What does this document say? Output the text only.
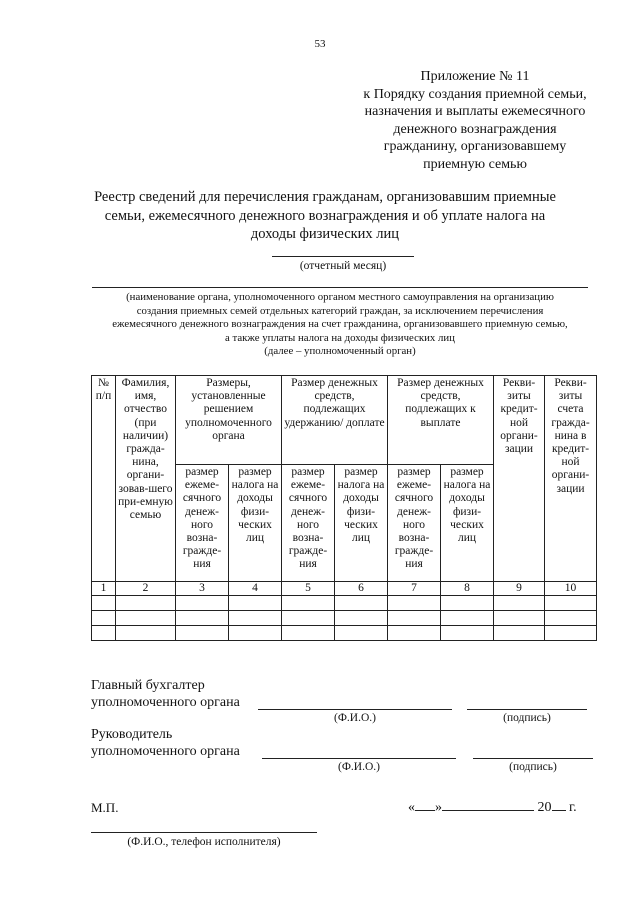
53
Приложение № 11
к Порядку создания приемной семьи,
назначения и выплаты ежемесячного
денежного вознаграждения
гражданину, организовавшему
приемную семью
Реестр сведений для перечисления гражданам, организовавшим приемные
семьи, ежемесячного денежного вознаграждения и об уплате налога на
доходы физических лиц
(отчетный месяц)
(наименование органа, уполномоченного органом местного самоуправления на организацию
создания приемных семей отдельных категорий граждан, за исключением перечисления
ежемесячного денежного вознаграждения на счет гражданина, организовавшего приемную семью,
а также уплаты налога на доходы физических лиц
(далее – уполномоченный орган)
№ п/п	Фамилия, имя, отчество (при наличии) гражда-нина, органи-зовав-шего при-емную семью	Размеры, установленные решением уполномоченного органа		Размер денежных средств, подлежащих удержанию/ доплате		Размер денежных средств, подлежащих к выплате		Рекви-зиты кредит-ной органи-зации	Рекви-зиты счета гражда-нина в кредит-ной органи-зации
		размер ежеме-сячного денеж-ного возна-гражде-ния	размер налога на доходы физи-ческих лиц	размер ежеме-сячного денеж-ного возна-гражде-ния	размер налога на доходы физи-ческих лиц	размер ежеме-сячного денеж-ного возна-гражде-ния	размер налога на доходы физи-ческих лиц		
1	2	3	4	5	6	7	8	9	10

Главный бухгалтер
уполномоченного органа
(Ф.И.О.)	(подпись)
Руководитель
уполномоченного органа
(Ф.И.О.)	(подпись)
М.П.	« »	20 г.
(Ф.И.О., телефон исполнителя)
